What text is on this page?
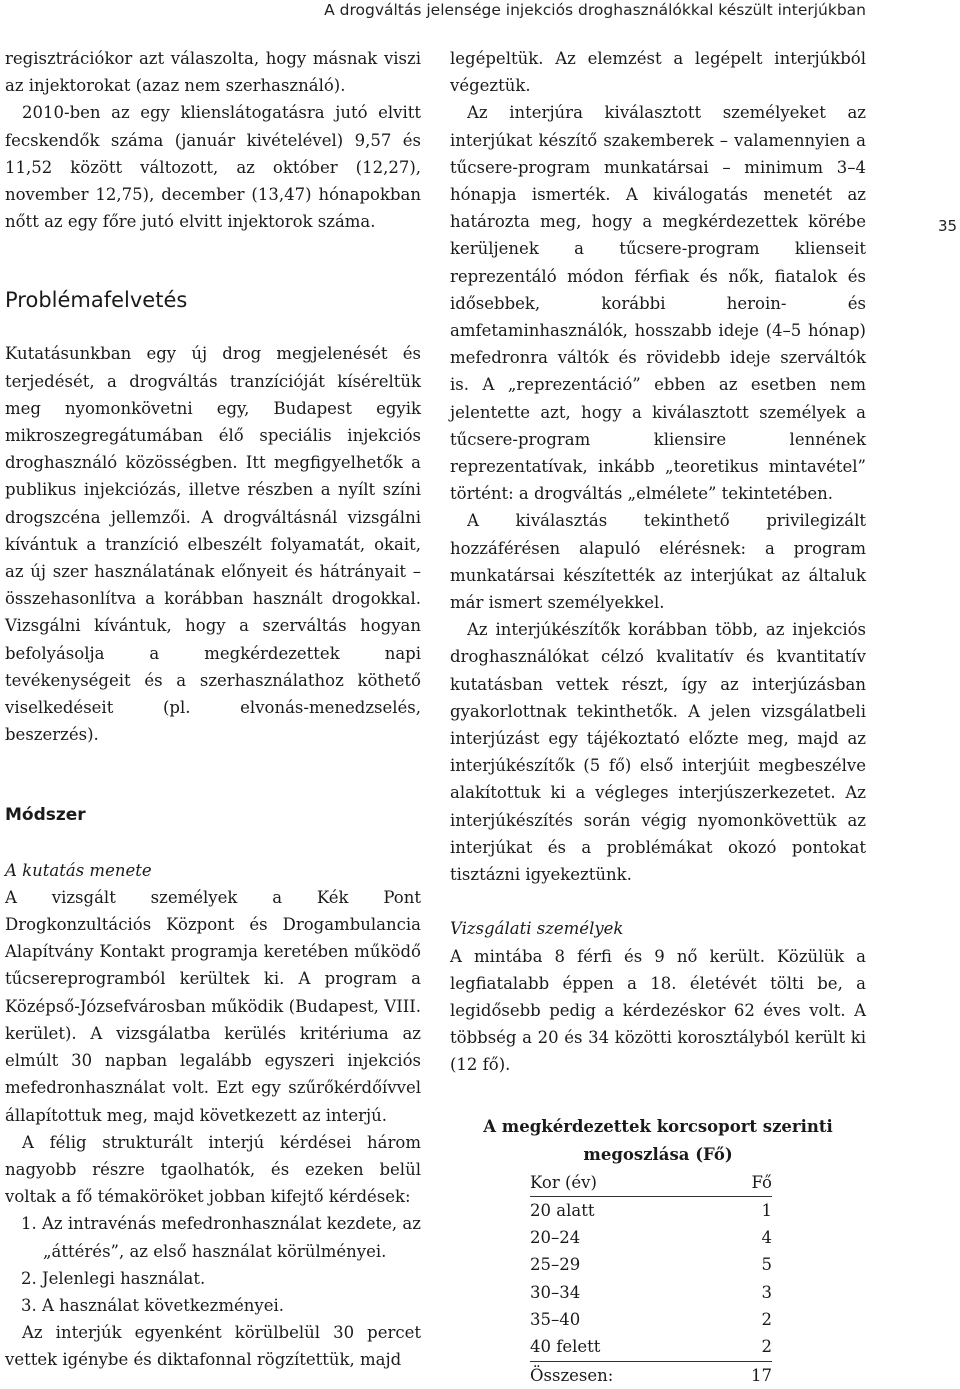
A drogváltás jelensége injekciós droghasználókkal készült interjúkban
35

regisztrációkor azt válaszolta, hogy másnak viszi az injektorokat (azaz nem szerhasználó).

2010-ben az egy klienslátogatásra jutó elvitt fecskendők száma (január kivételével) 9,57 és 11,52 között változott, az október (12,27), november 12,75), december (13,47) hónapokban nőtt az egy főre jutó elvitt injektorok száma.

Problémafelvetés

Kutatásunkban egy új drog megjelenését és terjedését, a drogváltás tranzícióját kíséreltük meg nyomonkövetni egy, Budapest egyik mikroszegregátumában élő speciális injekciós droghasználó közösségben. Itt megfigyelhetők a publikus injekciózás, illetve részben a nyílt színi drogszcéna jellemzői. A drogváltásnál vizsgálni kívántuk a tranzíció elbeszélt folyamatát, okait, az új szer használatának előnyeit és hátrányait – összehasonlítva a korábban használt drogokkal. Vizsgálni kívántuk, hogy a szerváltás hogyan befolyásolja a megkérdezettek napi tevékenységeit és a szerhasználathoz köthető viselkedéseit (pl. elvonás-menedzselés, beszerzés).

Módszer

A kutatás menete

A vizsgált személyek a Kék Pont Drogkonzultációs Központ és Drogambulancia Alapítvány Kontakt programja keretében működő tűcsereprogramból kerültek ki. A program a Középső-Józsefvárosban működik (Budapest, VIII. kerület). A vizsgálatba kerülés kritériuma az elmúlt 30 napban legalább egyszeri injekciós mefedronhasználat volt. Ezt egy szűrőkérdőívvel állapítottuk meg, majd következett az interjú.

A félig strukturált interjú kérdései három nagyobb részre tgaolhatók, és ezeken belül voltak a fő témaköröket jobban kifejtő kérdések:

1. Az intravénás mefedronhasználat kezdete, az „áttérés”, az első használat körülményei.
2. Jelenlegi használat.
3. A használat következményei.

Az interjúk egyenként körülbelül 30 percet vettek igénybe és diktafonnal rögzítettük, majd

legépeltük. Az elemzést a legépelt interjúkból végeztük.

Az interjúra kiválasztott személyeket az interjúkat készítő szakemberek – valamennyien a tűcsere-program munkatársai – minimum 3–4 hónapja ismerték. A kiválogatás menetét az határozta meg, hogy a megkérdezettek körébe kerüljenek a tűcsere-program klienseit reprezentáló módon férfiak és nők, fiatalok és idősebbek, korábbi heroin- és amfetaminhasználók, hosszabb ideje (4–5 hónap) mefedronra váltók és rövidebb ideje szerváltók is. A „reprezentáció” ebben az esetben nem jelentette azt, hogy a kiválasztott személyek a tűcsere-program kliensire lennének reprezentatívak, inkább „teoretikus mintavétel” történt: a drogváltás „elmélete” tekintetében.

A kiválasztás tekinthető privilegizált hozzáférésen alapuló elérésnek: a program munkatársai készítették az interjúkat az általuk már ismert személyekkel.

Az interjúkészítők korábban több, az injekciós droghasználókat célzó kvalitatív és kvantitatív kutatásban vettek részt, így az interjúzásban gyakorlottnak tekinthetők. A jelen vizsgálatbeli interjúzást egy tájékoztató előzte meg, majd az interjúkészítők (5 fő) első interjúit megbeszélve alakítottuk ki a végleges interjúszerkezetet. Az interjúkészítés során végig nyomonkövettük az interjúkat és a problémákat okozó pontokat tisztázni igyekeztünk.

Vizsgálati személyek

A mintába 8 férfi és 9 nő került. Közülük a legfiatalabb éppen a 18. életévét tölti be, a legidősebb pedig a kérdezéskor 62 éves volt. A többség a 20 és 34 közötti korosztályból került ki (12 fő).

A megkérdezettek korcsoport szerinti megoszlása (Fő)
Kor (év)	Fő
20 alatt	1
20–24	4
25–29	5
30–34	3
35–40	2
40 felett	2
Összesen:	17
